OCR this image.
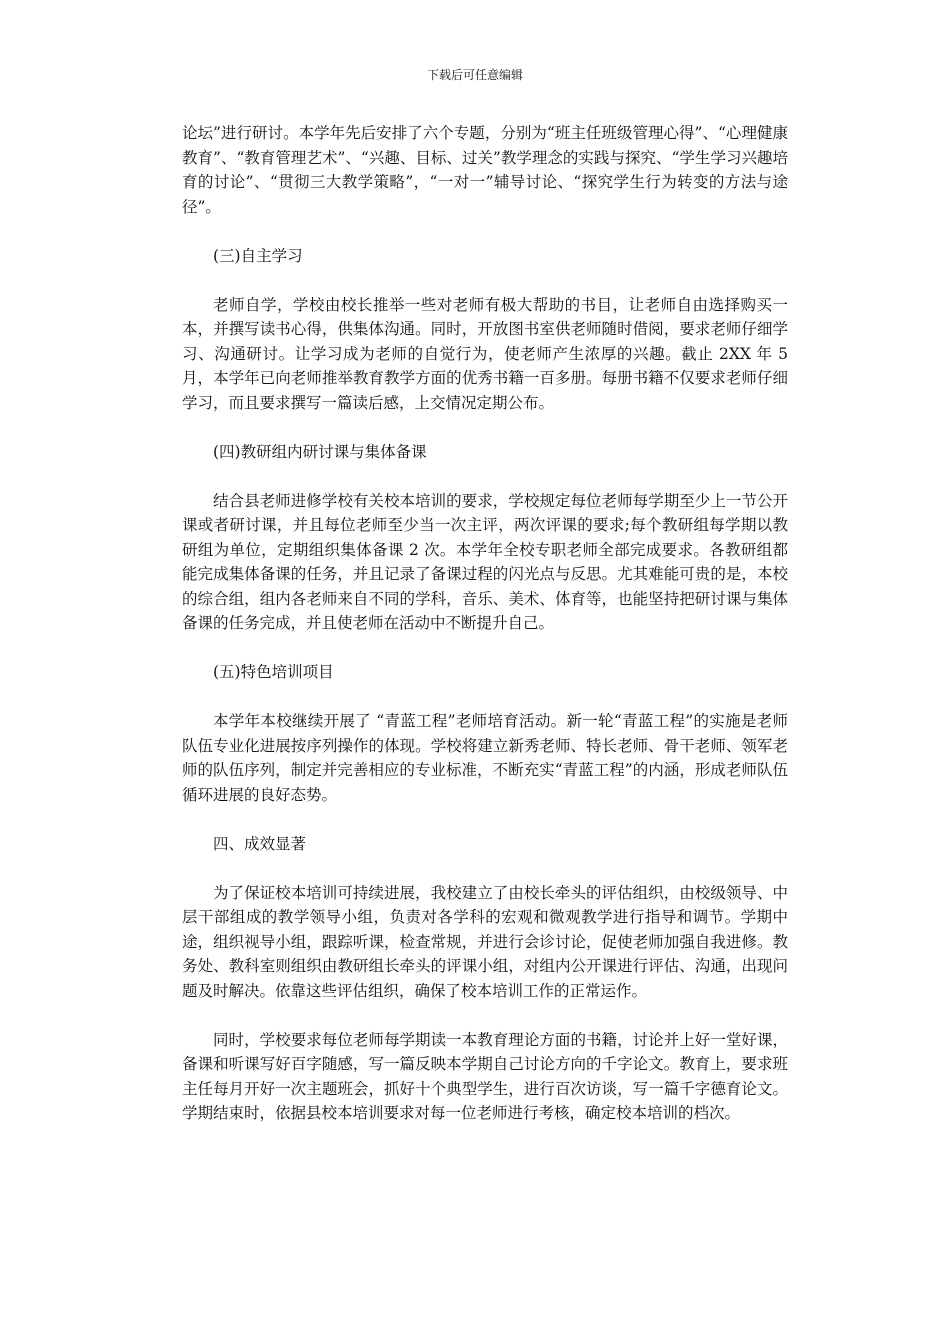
下载后可任意编辑

论坛”进行研讨。本学年先后安排了六个专题，分别为“班主任班级管理心得”、“心理健康教育”、“教育管理艺术”、“兴趣、目标、过关”教学理念的实践与探究、“学生学习兴趣培育的讨论”、“贯彻三大教学策略”，“一对一”辅导讨论、“探究学生行为转变的方法与途径”。

(三)自主学习

老师自学，学校由校长推举一些对老师有极大帮助的书目，让老师自由选择购买一本，并撰写读书心得，供集体沟通。同时，开放图书室供老师随时借阅，要求老师仔细学习、沟通研讨。让学习成为老师的自觉行为，使老师产生浓厚的兴趣。截止 2XX 年 5 月，本学年已向老师推举教育教学方面的优秀书籍一百多册。每册书籍不仅要求老师仔细学习，而且要求撰写一篇读后感，上交情况定期公布。

(四)教研组内研讨课与集体备课

结合县老师进修学校有关校本培训的要求，学校规定每位老师每学期至少上一节公开课或者研讨课，并且每位老师至少当一次主评，两次评课的要求;每个教研组每学期以教研组为单位，定期组织集体备课 2 次。本学年全校专职老师全部完成要求。各教研组都能完成集体备课的任务，并且记录了备课过程的闪光点与反思。尤其难能可贵的是，本校的综合组，组内各老师来自不同的学科，音乐、美术、体育等，也能坚持把研讨课与集体备课的任务完成，并且使老师在活动中不断提升自己。

(五)特色培训项目

本学年本校继续开展了 “青蓝工程”老师培育活动。新一轮“青蓝工程”的实施是老师队伍专业化进展按序列操作的体现。学校将建立新秀老师、特长老师、骨干老师、领军老师的队伍序列，制定并完善相应的专业标准，不断充实“青蓝工程”的内涵，形成老师队伍循环进展的良好态势。

四、成效显著

为了保证校本培训可持续进展，我校建立了由校长牵头的评估组织，由校级领导、中层干部组成的教学领导小组，负责对各学科的宏观和微观教学进行指导和调节。学期中途，组织视导小组，跟踪听课，检查常规，并进行会诊讨论，促使老师加强自我进修。教务处、教科室则组织由教研组长牵头的评课小组，对组内公开课进行评估、沟通，出现问题及时解决。依靠这些评估组织，确保了校本培训工作的正常运作。

同时，学校要求每位老师每学期读一本教育理论方面的书籍，讨论并上好一堂好课，备课和听课写好百字随感，写一篇反映本学期自己讨论方向的千字论文。教育上，要求班主任每月开好一次主题班会，抓好十个典型学生，进行百次访谈，写一篇千字德育论文。学期结束时，依据县校本培训要求对每一位老师进行考核，确定校本培训的档次。
